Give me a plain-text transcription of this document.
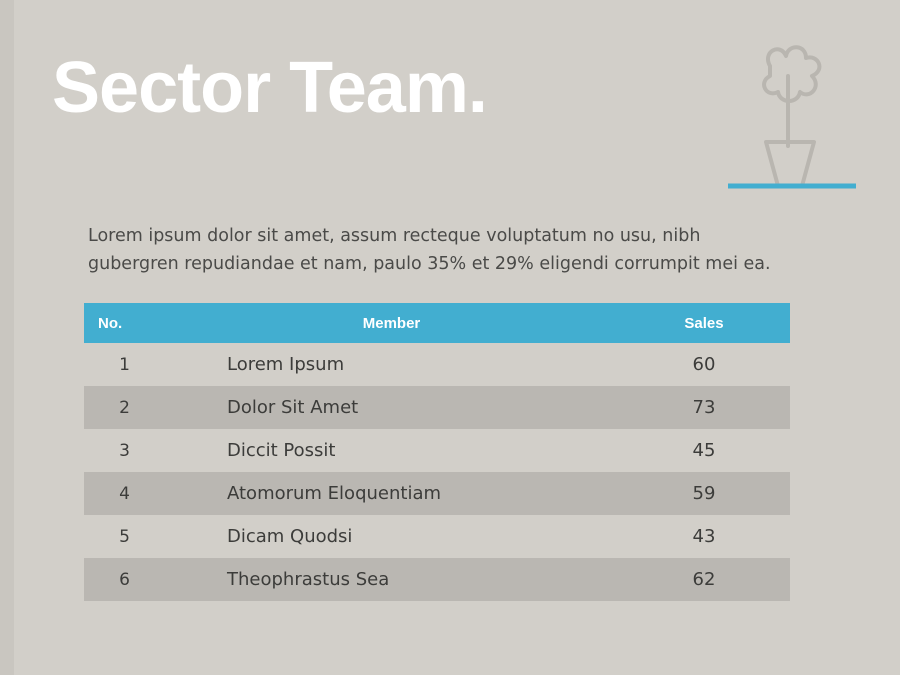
Sector Team.
Lorem ipsum dolor sit amet, assum recteque voluptatum no usu, nibh gubergren repudiandae et nam, paulo 35% et 29% eligendi corrumpit mei ea.
No.	Member	Sales
1	Lorem Ipsum	60
2	Dolor Sit Amet	73
3	Diccit Possit	45
4	Atomorum Eloquentiam	59
5	Dicam Quodsi	43
6	Theophrastus Sea	62
